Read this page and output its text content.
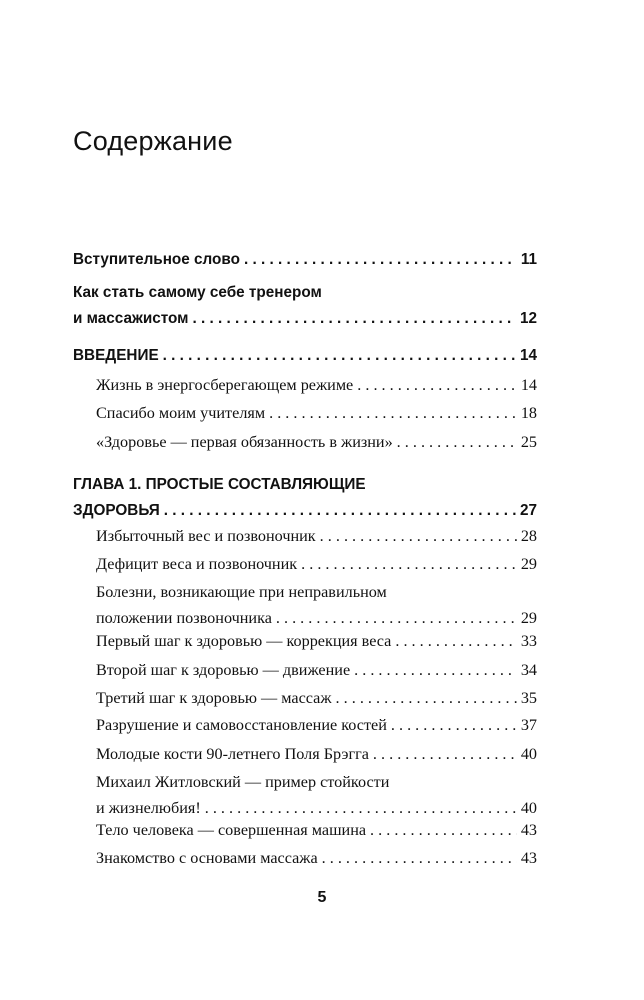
Содержание
Вступительное слово . . .	11
Как стать самому себе тренером
и массажистом . . .	12
ВВЕДЕНИЕ . . .	14
Жизнь в энергосберегающем режиме . . .	14
Спасибо моим учителям . . .	18
«Здоровье — первая обязанность в жизни» . . .	25
ГЛАВА 1. ПРОСТЫЕ СОСТАВЛЯЮЩИЕ
ЗДОРОВЬЯ . . .	27
Избыточный вес и позвоночник . . .	28
Дефицит веса и позвоночник . . .	29
Болезни, возникающие при неправильном
положении позвоночника . . .	29
Первый шаг к здоровью — коррекция веса . . .	33
Второй шаг к здоровью — движение . . .	34
Третий шаг к здоровью — массаж . . .	35
Разрушение и самовосстановление костей . . .	37
Молодые кости 90-летнего Поля Брэгга . . .	40
Михаил Житловский — пример стойкости
и жизнелюбия! . . .	40
Тело человека — совершенная машина . . .	43
Знакомство с основами массажа . . .	43
5
